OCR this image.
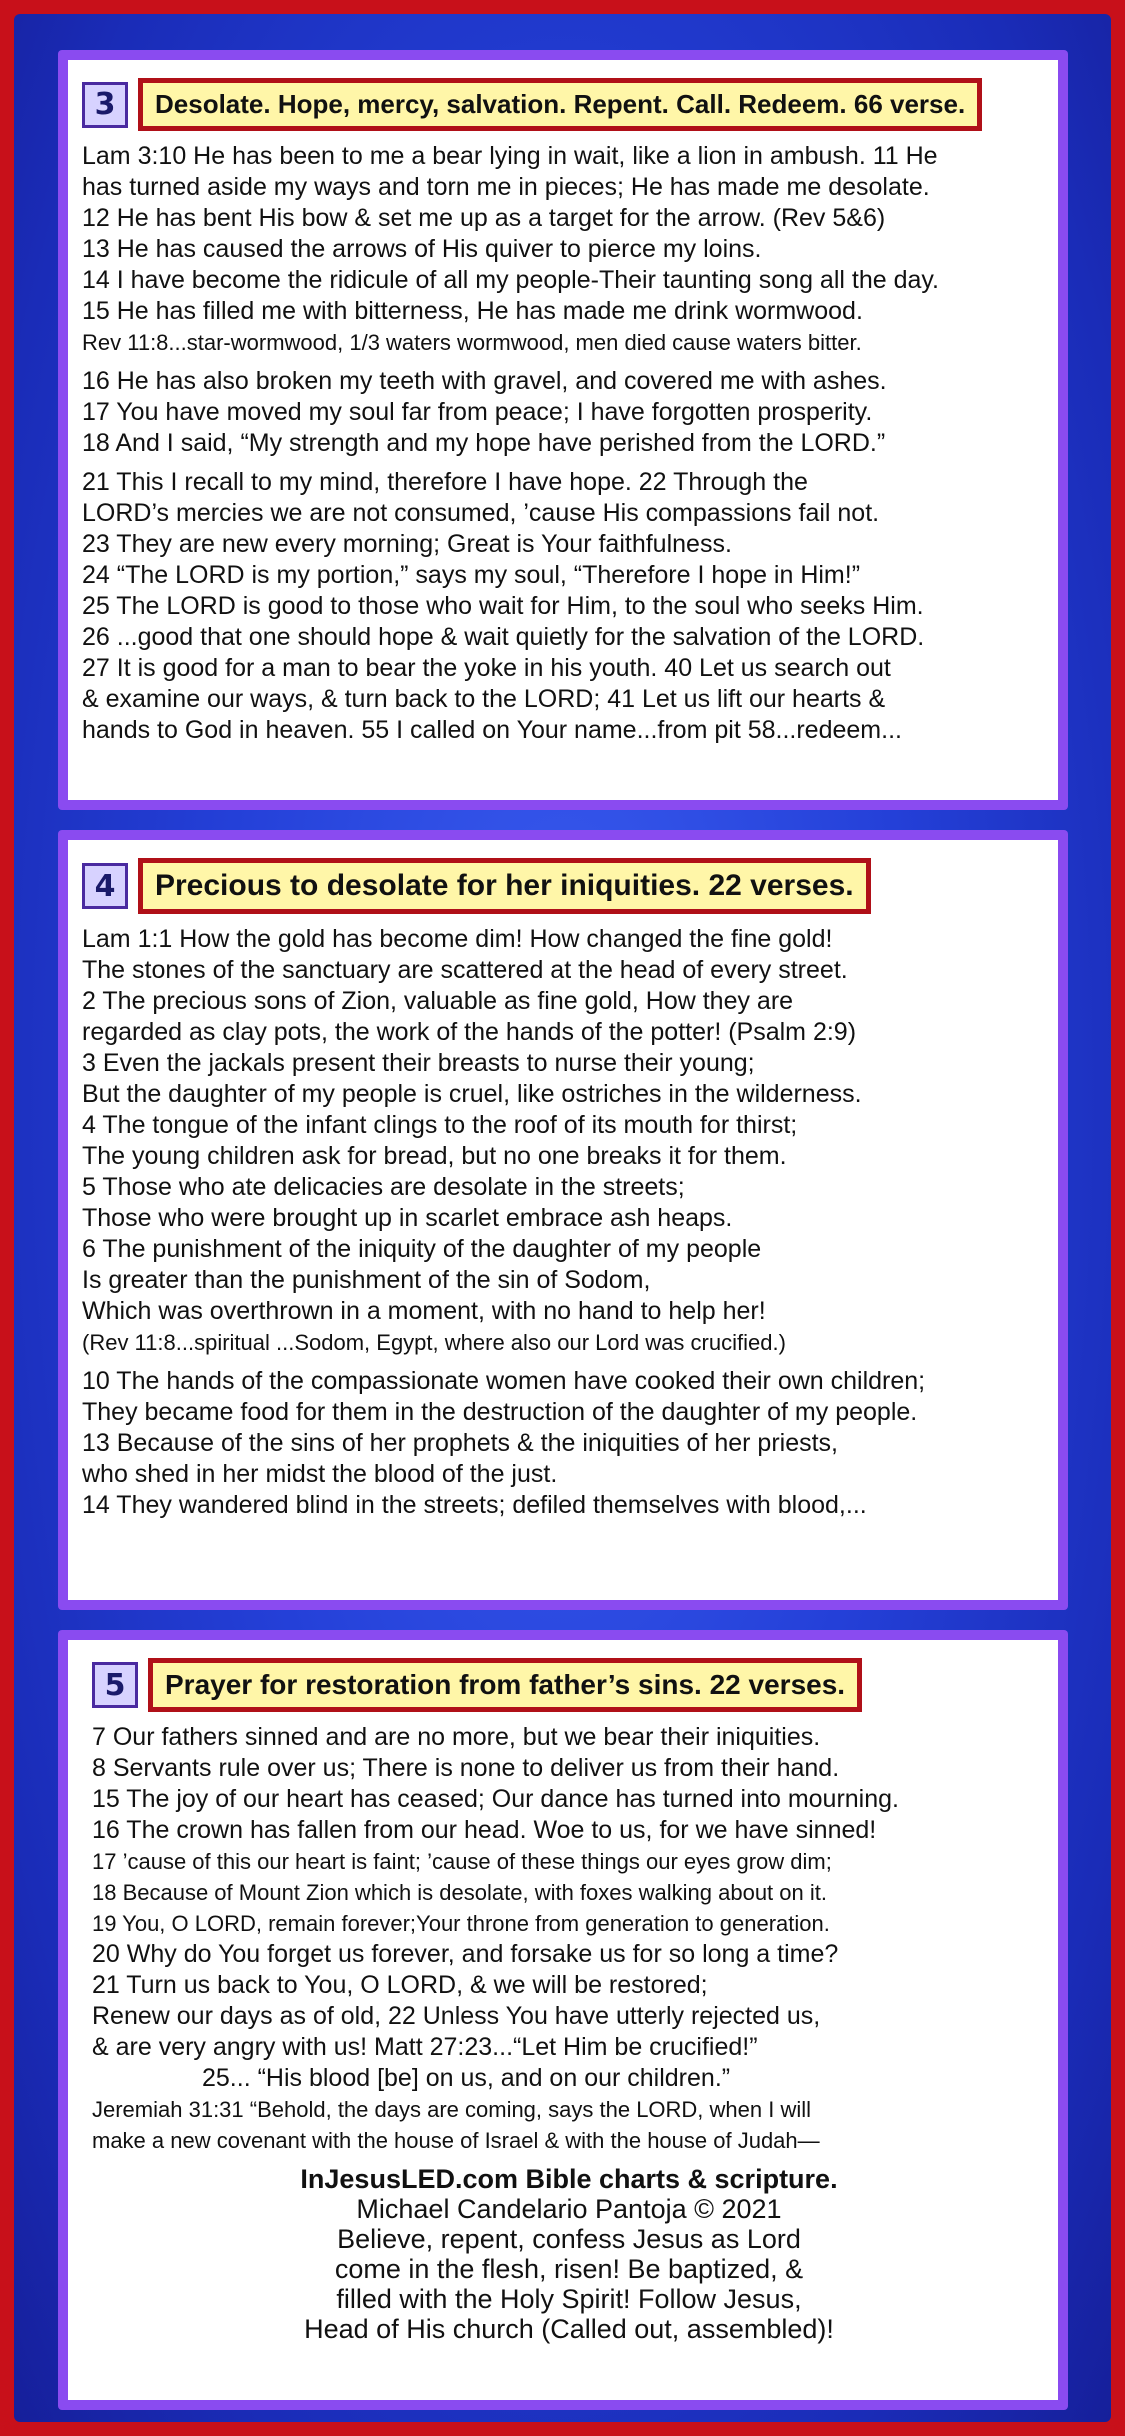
3	Desolate. Hope, mercy, salvation. Repent. Call. Redeem. 66 verse.
Lam 3:10 He has been to me a bear lying in wait, like a lion in ambush. 11 He
has turned aside my ways and torn me in pieces; He has made me desolate.
12 He has bent His bow & set me up as a target for the arrow. (Rev 5&6)
13 He has caused the arrows of His quiver to pierce my loins.
14 I have become the ridicule of all my people-Their taunting song all the day.
15 He has filled me with bitterness, He has made me drink wormwood.
Rev 11:8...star-wormwood, 1/3 waters wormwood, men died cause waters bitter.
16 He has also broken my teeth with gravel, and covered me with ashes.
17 You have moved my soul far from peace; I have forgotten prosperity.
18 And I said, “My strength and my hope have perished from the LORD.”
21 This I recall to my mind, therefore I have hope. 22 Through the
LORD’s mercies we are not consumed, ’cause His compassions fail not.
23 They are new every morning; Great is Your faithfulness.
24 “The LORD is my portion,” says my soul, “Therefore I hope in Him!”
25 The LORD is good to those who wait for Him, to the soul who seeks Him.
26 ...good that one should hope & wait quietly for the salvation of the LORD.
27 It is good for a man to bear the yoke in his youth. 40 Let us search out
& examine our ways, & turn back to the LORD; 41 Let us lift our hearts &
hands to God in heaven. 55 I called on Your name...from pit 58...redeem...
4	Precious to desolate for her iniquities. 22 verses.
Lam 1:1 How the gold has become dim! How changed the fine gold!
The stones of the sanctuary are scattered at the head of every street.
2 The precious sons of Zion, valuable as fine gold, How they are
regarded as clay pots, the work of the hands of the potter! (Psalm 2:9)
3 Even the jackals present their breasts to nurse their young;
But the daughter of my people is cruel, like ostriches in the wilderness.
4 The tongue of the infant clings to the roof of its mouth for thirst;
The young children ask for bread, but no one breaks it for them.
5 Those who ate delicacies are desolate in the streets;
Those who were brought up in scarlet embrace ash heaps.
6 The punishment of the iniquity of the daughter of my people
Is greater than the punishment of the sin of Sodom,
Which was overthrown in a moment, with no hand to help her!
(Rev 11:8...spiritual ...Sodom, Egypt, where also our Lord was crucified.)
10 The hands of the compassionate women have cooked their own children;
They became food for them in the destruction of the daughter of my people.
13 Because of the sins of her prophets & the iniquities of her priests,
who shed in her midst the blood of the just.
14 They wandered blind in the streets; defiled themselves with blood,...
5	Prayer for restoration from father’s sins. 22 verses.
7 Our fathers sinned and are no more, but we bear their iniquities.
8 Servants rule over us; There is none to deliver us from their hand.
15 The joy of our heart has ceased; Our dance has turned into mourning.
16 The crown has fallen from our head. Woe to us, for we have sinned!
17 ’cause of this our heart is faint; ’cause of these things our eyes grow dim;
18 Because of Mount Zion which is desolate, with foxes walking about on it.
19 You, O LORD, remain forever;Your throne from generation to generation.
20 Why do You forget us forever, and forsake us for so long a time?
21 Turn us back to You, O LORD, & we will be restored;
Renew our days as of old, 22 Unless You have utterly rejected us,
& are very angry with us! Matt 27:23...“Let Him be crucified!”
25... “His blood [be] on us, and on our children.”
Jeremiah 31:31 “Behold, the days are coming, says the LORD, when I will
make a new covenant with the house of Israel & with the house of Judah—
InJesusLED.com Bible charts & scripture.
Michael Candelario Pantoja © 2021
Believe, repent, confess Jesus as Lord
come in the flesh, risen! Be baptized, &
filled with the Holy Spirit! Follow Jesus,
Head of His church (Called out, assembled)!
